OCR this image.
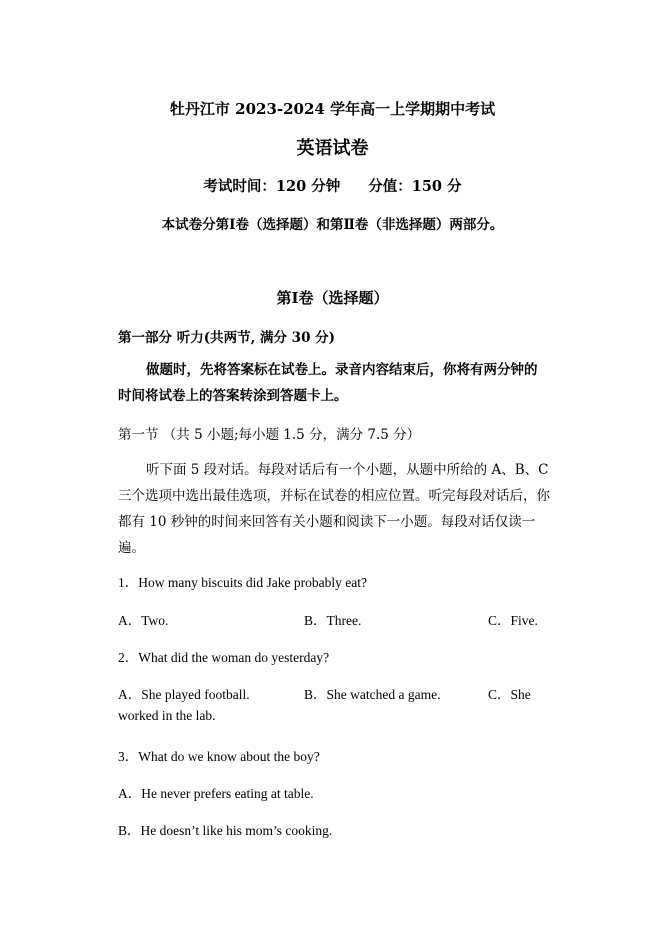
牡丹江市 2023-2024 学年高一上学期期中考试
英语试卷
考试时间：120 分钟 分值：150 分
本试卷分第Ⅰ卷（选择题）和第Ⅱ卷（非选择题）两部分。
第Ⅰ卷（选择题）
第一部分 听力(共两节, 满分 30 分)
做题时，先将答案标在试卷上。录音内容结束后，你将有两分钟的时间将试卷上的答案转涂到答题卡上。
第一节 （共 5 小题;每小题 1.5 分，满分 7.5 分）
听下面 5 段对话。每段对话后有一个小题，从题中所给的 A、B、C 三个选项中选出最佳选项，并标在试卷的相应位置。听完每段对话后，你都有 10 秒钟的时间来回答有关小题和阅读下一小题。每段对话仅读一遍。
1．How many biscuits did Jake probably eat?
A．Two.	B．Three.	C．Five.
2．What did the woman do yesterday?
A．She played football.	B．She watched a game.	C．She
worked in the lab.
3．What do we know about the boy?
A．He never prefers eating at table.
B．He doesn’t like his mom’s cooking.
